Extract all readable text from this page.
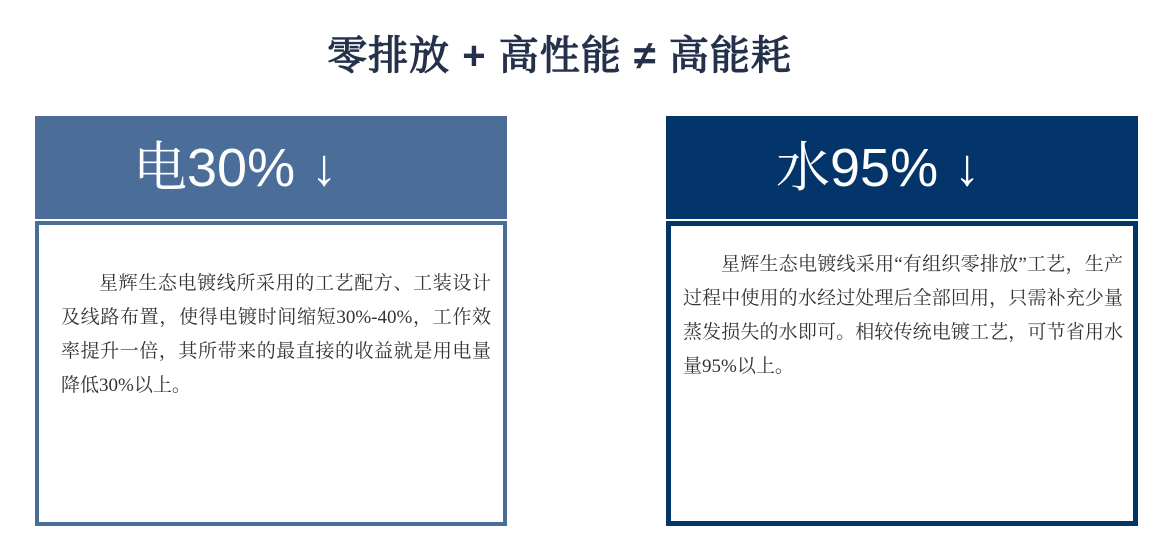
零排放 + 高性能 ≠ 高能耗
电30% ↓

星辉生态电镀线所采用的工艺配方、工装设计及线路布置，使得电镀时间缩短30%-40%，工作效率提升一倍，其所带来的最直接的收益就是用电量降低30%以上。

水95% ↓

星辉生态电镀线采用“有组织零排放”工艺，生产过程中使用的水经过处理后全部回用，只需补充少量蒸发损失的水即可。相较传统电镀工艺，可节省用水量95%以上。
